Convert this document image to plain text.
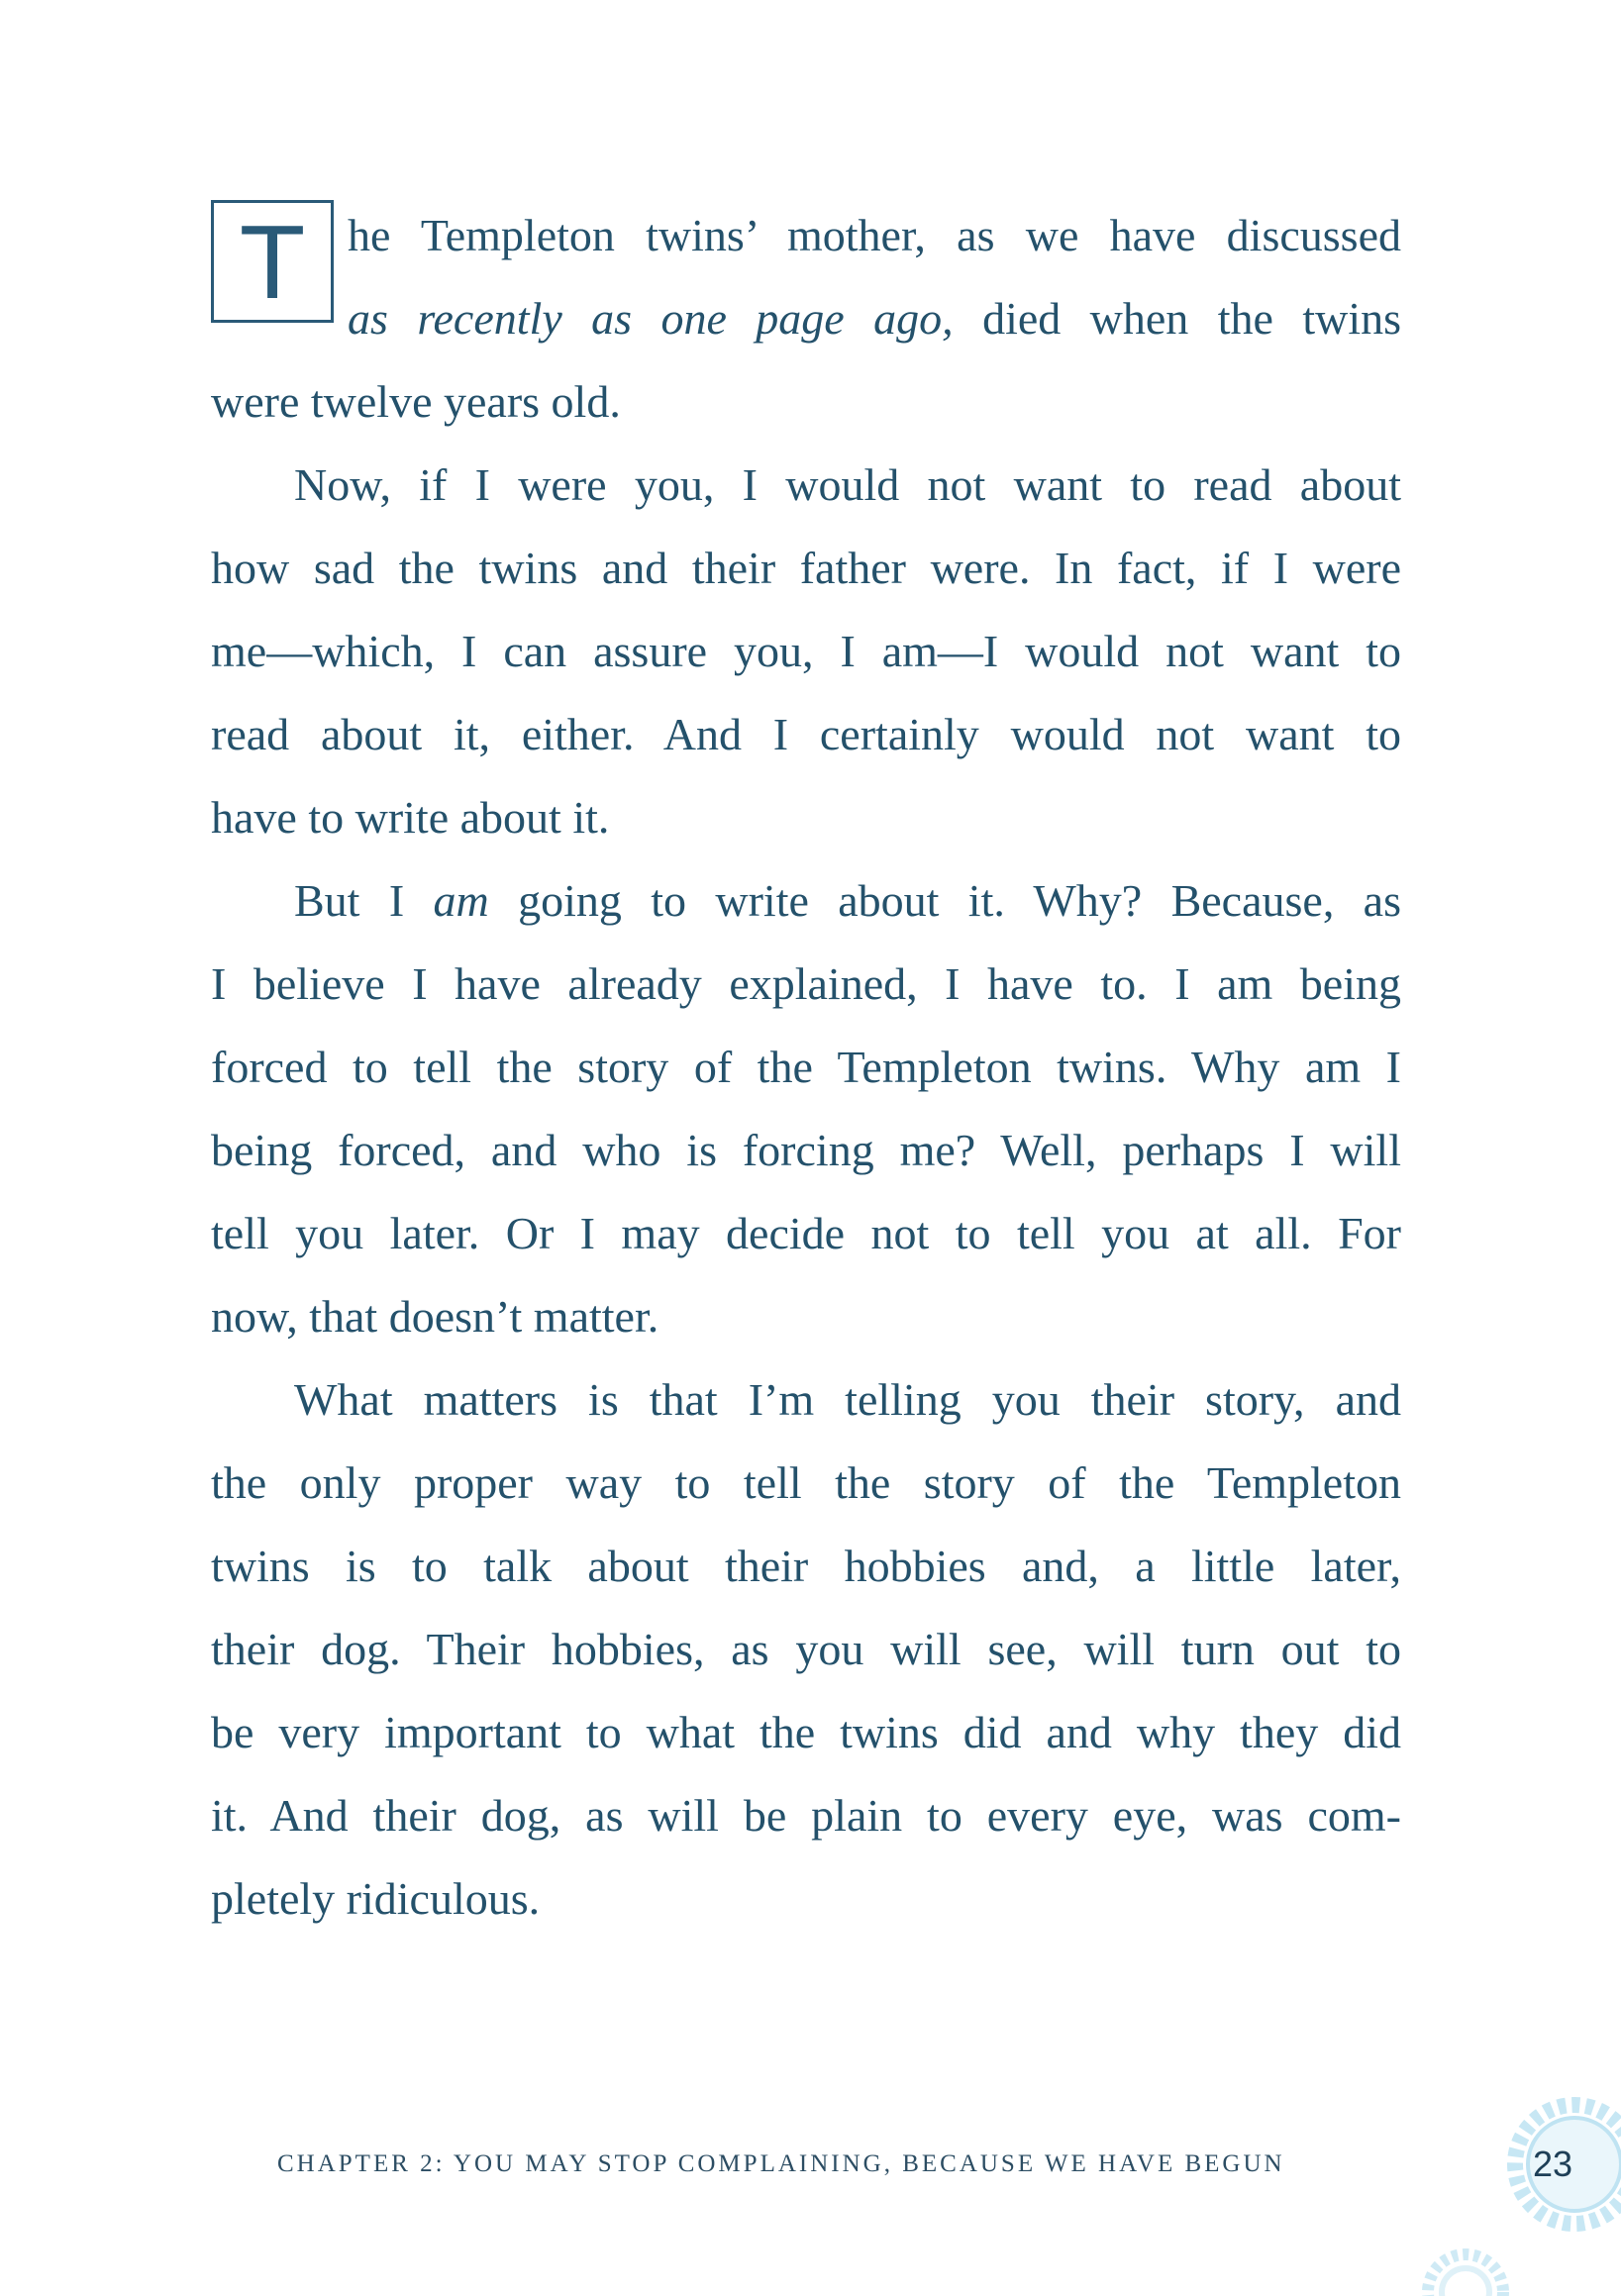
T he Templeton twins’ mother, as we have discussed
as recently as one page ago, died when the twins
were twelve years old.
Now, if I were you, I would not want to read about
how sad the twins and their father were. In fact, if I were
me—which, I can assure you, I am—I would not want to
read about it, either. And I certainly would not want to
have to write about it.
But I am going to write about it. Why? Because, as
I believe I have already explained, I have to. I am being
forced to tell the story of the Templeton twins. Why am I
being forced, and who is forcing me? Well, perhaps I will
tell you later. Or I may decide not to tell you at all. For
now, that doesn’t matter.
What matters is that I’m telling you their story, and
the only proper way to tell the story of the Templeton
twins is to talk about their hobbies and, a little later,
their dog. Their hobbies, as you will see, will turn out to
be very important to what the twins did and why they did
it. And their dog, as will be plain to every eye, was com-
pletely ridiculous.
CHAPTER 2: YOU MAY STOP COMPLAINING, BECAUSE WE HAVE BEGUN	23
